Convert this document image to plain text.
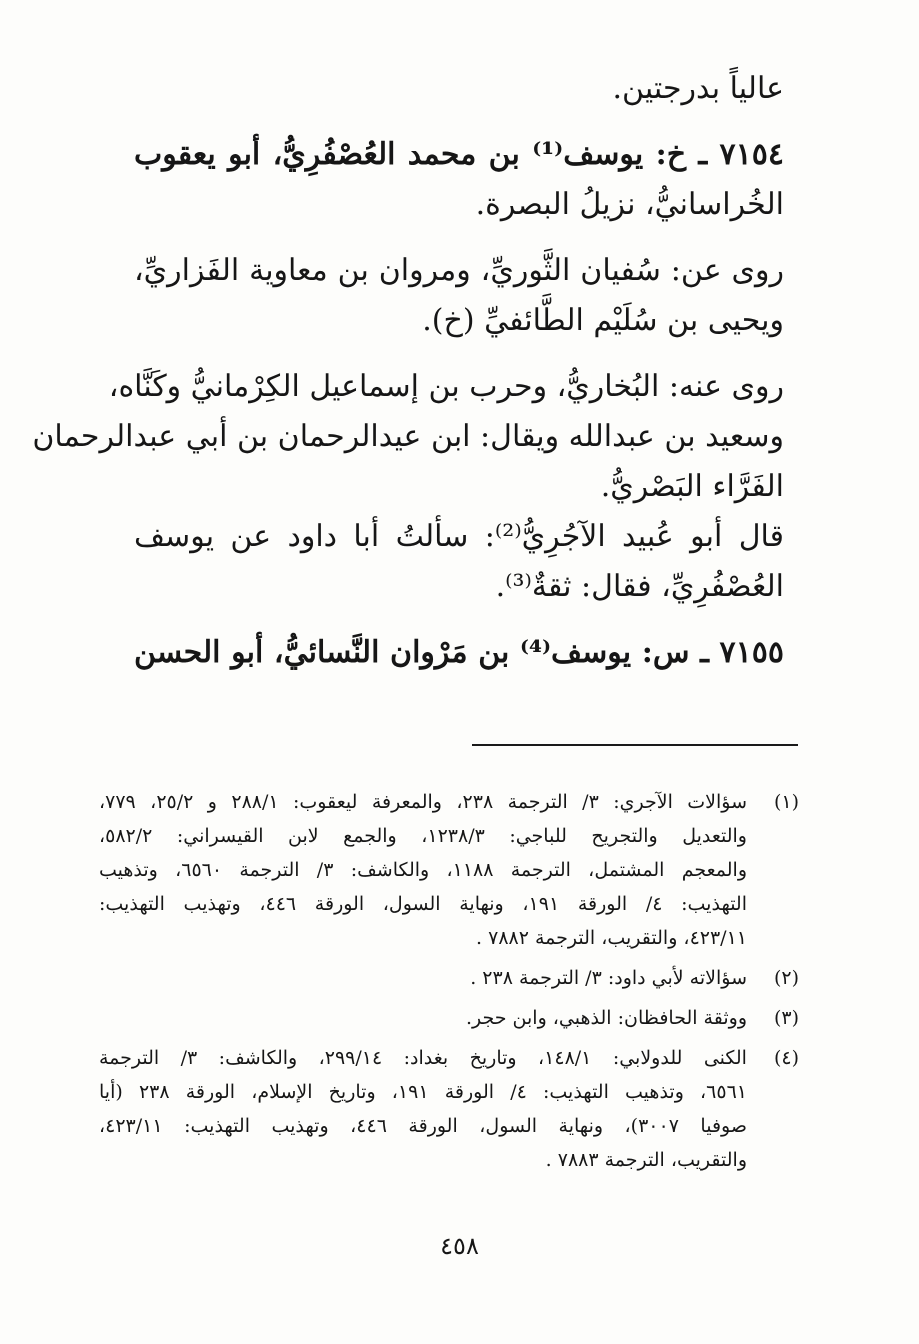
عالياً بدرجتين.
٧١٥٤ ـ خ: يوسف⁽¹⁾ بن محمد العُصْفُرِيُّ، أبو يعقوب
الخُراسانيُّ، نزيلُ البصرة.
روى عن: سُفيان الثَّوريِّ، ومروان بن معاوية الفَزاريِّ،
ويحيى بن سُلَيْم الطَّائفيِّ (خ).
روى عنه: البُخاريُّ، وحرب بن إسماعيل الكِرْمانيُّ وكَنَّاه،
وسعيد بن عبدالله ويقال: ابن عيدالرحمان بن أبي عبدالرحمان
الفَرَّاء البَصْريُّ.
قال أبو عُبيد الآجُرِيُّ⁽²⁾: سألتُ أبا داود عن يوسف
العُصْفُرِيِّ، فقال: ثقةٌ⁽³⁾.
٧١٥٥ ـ س: يوسف⁽⁴⁾ بن مَرْوان النَّسائيُّ، أبو الحسن
(١)
سؤالات الآجري: ٣/ الترجمة ٢٣٨، والمعرفة ليعقوب: ٢٨٨/١ و ٢٥/٢، ٧٧٩،
والتعديل والتجريح للباجي: ١٢٣٨/٣، والجمع لابن القيسراني: ٥٨٢/٢،
والمعجم المشتمل، الترجمة ١١٨٨، والكاشف: ٣/ الترجمة ٦٥٦٠، وتذهيب
التهذيب: ٤/ الورقة ١٩١، ونهاية السول، الورقة ٤٤٦، وتهذيب التهذيب:
٤٢٣/١١، والتقريب، الترجمة ٧٨٨٢ .
(٢)
سؤالاته لأبي داود: ٣/ الترجمة ٢٣٨ .
(٣)
ووثقة الحافظان: الذهبي، وابن حجر.
(٤)
الكنى للدولابي: ١٤٨/١، وتاريخ بغداد: ٢٩٩/١٤، والكاشف: ٣/ الترجمة
٦٥٦١، وتذهيب التهذيب: ٤/ الورقة ١٩١، وتاريخ الإسلام، الورقة ٢٣٨ (أيا
صوفيا ٣٠٠٧)، ونهاية السول، الورقة ٤٤٦، وتهذيب التهذيب: ٤٢٣/١١،
والتقريب، الترجمة ٧٨٨٣ .
٤٥٨
